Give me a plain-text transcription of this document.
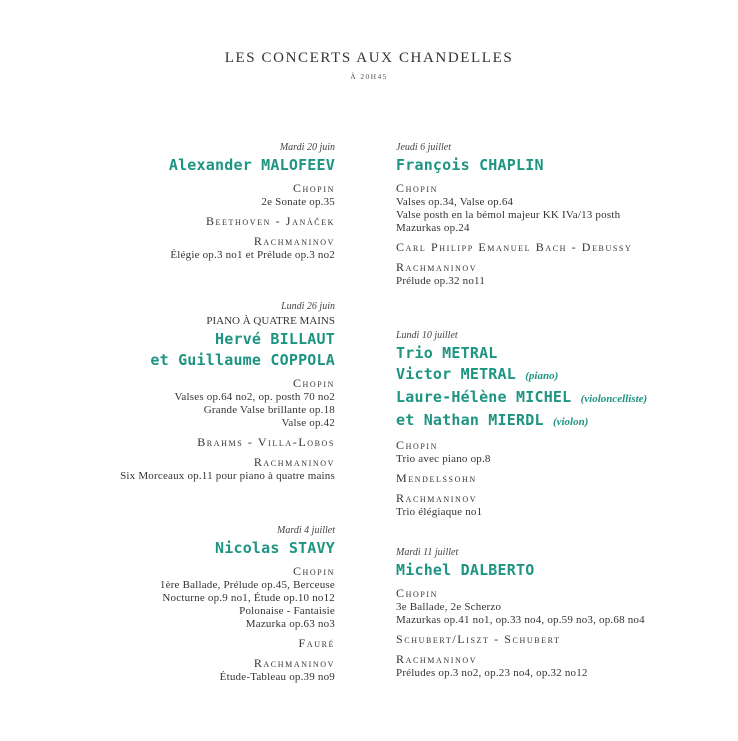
LES CONCERTS AUX CHANDELLES
À 20H45
Mardi 20 juin
Alexander MALOFEEV
Chopin
2e Sonate op.35
Beethoven - Janáček
Rachmaninov
Élégie op.3 no1 et Prélude op.3 no2
Lundi 26 juin
PIANO À QUATRE MAINS
Hervé BILLAUT
et Guillaume COPPOLA
Chopin
Valses op.64 no2, op. posth 70 no2
Grande Valse brillante op.18
Valse op.42
Brahms - Villa-Lobos
Rachmaninov
Six Morceaux op.11 pour piano à quatre mains
Mardi 4 juillet
Nicolas STAVY
Chopin
1ère Ballade, Prélude op.45, Berceuse
Nocturne op.9 no1, Étude op.10 no12
Polonaise - Fantaisie
Mazurka op.63 no3
Fauré
Rachmaninov
Étude-Tableau op.39 no9
Jeudi 6 juillet
François CHAPLIN
Chopin
Valses op.34, Valse op.64
Valse posth en la bémol majeur KK IVa/13 posth
Mazurkas op.24
Carl Philipp Emanuel Bach - Debussy
Rachmaninov
Prélude op.32 no11
Lundi 10 juillet
Trio METRAL
Victor METRAL (piano)
Laure-Hélène MICHEL (violoncelliste)
et Nathan MIERDL (violon)
Chopin
Trio avec piano op.8
Mendelssohn
Rachmaninov
Trio élégiaque no1
Mardi 11 juillet
Michel DALBERTO
Chopin
3e Ballade, 2e Scherzo
Mazurkas op.41 no1, op.33 no4, op.59 no3, op.68 no4
Schubert/Liszt - Schubert
Rachmaninov
Préludes op.3 no2, op.23 no4, op.32 no12
